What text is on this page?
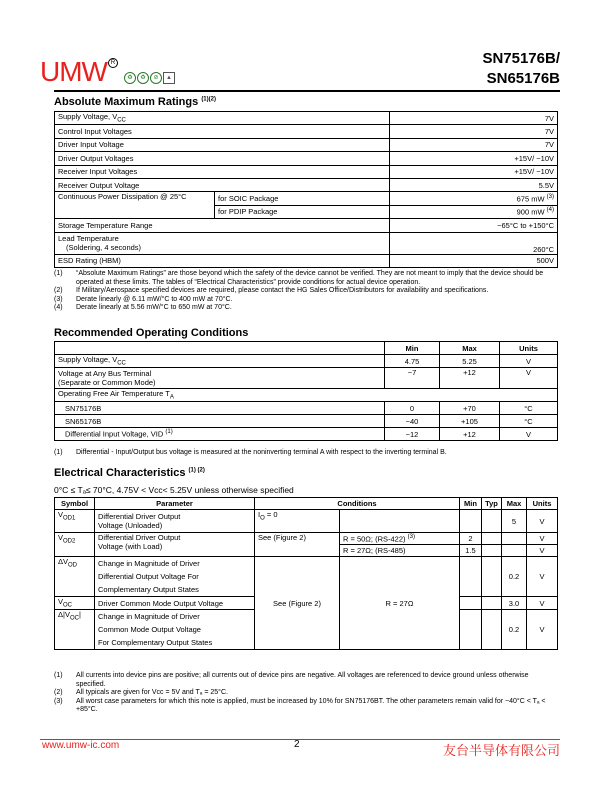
UMW R
♻	♻	⊘	▲
SN75176B/
SN65176B
Absolute Maximum Ratings $^{(1)(2)}$
Supply Voltage, $V_{CC}$		7V
Control Input Voltages		7V
Driver Input Voltage		7V
Driver Output Voltages		+15V/ −10V
Receiver Input Voltages		+15V/ −10V
Receiver Output Voltage		5.5V
Continuous Power Dissipation @ 25°C	for SOIC Package	675 mW $^{(3)}$
	for PDIP Package	900 mW $^{(4)}$
Storage Temperature Range		−65°C to +150°C

Lead Temperature
(Soldering, 4 seconds)		260°C
ESD Rating (HBM)		500V
(1)	“Absolute Maximum Ratings” are those beyond which the safety of the device cannot be verified. They are not meant to imply that the device should be operated at these limits. The tables of “Electrical Characteristics” provide conditions for actual device operation.
(2)	If Military/Aerospace specified devices are required, please contact the HG Sales Office/Distributors for availability and specifications.
(3)	Derate linearly @ 6.11 mW/°C to 400 mW at 70°C.
(4)	Derate linearly at 5.56 mW/°C to 650 mW at 70°C.
Recommended Operating Conditions
	Min	Max	Units
Supply Voltage, $V_{CC}$	4.75	5.25	V

Voltage at Any Bus Terminal
(Separate or Common Mode)	−7	+12	V
Operating Free Air Temperature $T_A$
SN75176B	0	+70	°C
SN65176B	−40	+105	°C
Differential Input Voltage, VID $^{(1)}$	−12	+12	V
(1)	Differential - Input/Output bus voltage is measured at the noninverting terminal A with respect to the inverting terminal B.
Electrical Characteristics $^{(1) (2)}$
0°C ≤ Tₐ≤ 70°C, 4.75V < Vᴄᴄ< 5.25V unless otherwise specified
Symbol	Parameter	Conditions		Min	Typ	Max	Units
$V_{OD1}$	Differential Driver Output
Voltage (Unloaded)	$I_O = 0$				5	V
$V_{OD2}$	Differential Driver Output
Voltage (with Load)	See (Figure 2)	R = 50Ω; (RS-422) $^{(3)}$	2			V
			R = 27Ω; (RS-485)	1.5			V
$\Delta V_{OD}$	Change in Magnitude of Driver
Differential Output Voltage For
Complementary Output States	See (Figure 2)	R = 27Ω			0.2	V
$V_{OC}$	Driver Common Mode Output Voltage					3.0	V
$\Delta|V_{OC}|$	Change in Magnitude of Driver
Common Mode Output Voltage
For Complementary Output States					0.2	V
(1)	All currents into device pins are positive; all currents out of device pins are negative. All voltages are referenced to device ground unless otherwise specified.
(2)	All typicals are given for Vᴄᴄ = 5V and Tₐ = 25°C.
(3)	All worst case parameters for which this note is applied, must be increased by 10% for SN75176BT. The other parameters remain valid for −40°C < Tₐ < +85°C.
www.umw-ic.com	2	友台半导体有限公司
